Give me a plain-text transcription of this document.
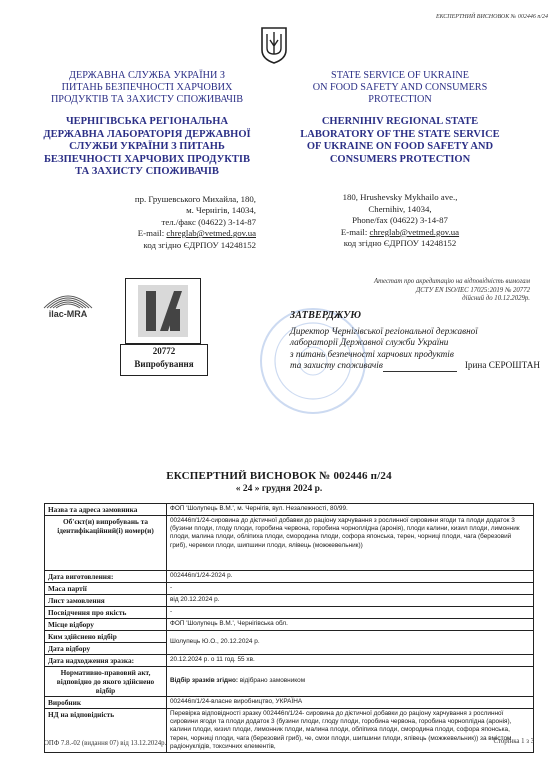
ЕКСПЕРТНИЙ ВИСНОВОК № 002446 п/24
ДЕРЖАВНА СЛУЖБА УКРАЇНИ З
ПИТАНЬ БЕЗПЕЧНОСТІ ХАРЧОВИХ
ПРОДУКТІВ ТА ЗАХИСТУ СПОЖИВАЧІВ
ЧЕРНІГІВСЬКА РЕГІОНАЛЬНА
ДЕРЖАВНА ЛАБОРАТОРІЯ ДЕРЖАВНОЇ
СЛУЖБИ УКРАЇНИ З ПИТАНЬ
БЕЗПЕЧНОСТІ ХАРЧОВИХ ПРОДУКТІВ
ТА ЗАХИСТУ СПОЖИВАЧІВ
пр. Грушевського Михайла, 180,
м. Чернігів, 14034,
тел./факс (04622) 3-14-87
E-mail: chreglab@vetmed.gov.ua
код згідно ЄДРПОУ 14248152
STATE SERVICE OF UKRAINE
ON FOOD SAFETY AND CONSUMERS
PROTECTION
CHERNIHIV REGIONAL STATE
LABORATORY OF THE STATE SERVICE
OF UKRAINE ON FOOD SAFETY AND
CONSUMERS PROTECTION
180, Hrushevsky Mykhailo ave.,
Chernihiv, 14034,
Phone/fax (04622) 3-14-87
E-mail: chreglab@vetmed.gov.ua
код згідно ЄДРПОУ 14248152
Атестат про акредитацію на відповідність вимогам
ДСТУ EN ISO/IEC 17025:2019 № 20772
дійсний до 10.12.2029р.
ilac-MRA
20772
Випробування
ЗАТВЕРДЖУЮ
Директор Чернігівської регіональної державної
лабораторії Державної служби України
з питань безпечності харчових продуктів
та захисту споживачів	Ірина СЕРОШТАН
ЕКСПЕРТНИЙ ВИСНОВОК № 002446 п/24
« 24 » грудня 2024 р.
Назва та адреса замовника	ФОП 'Шолупець В.М.', м. Чернігів, вул. Незалежності, 80/99.
Об'єкт(и) випробувань та ідентифікаційний(і) номер(и)	002446п/1/24-сировина до дієтичної добавки до раціону харчування з рослинної сировини ягоди та плоди додаток 3 (бузини плоди, глоду плоди, горобина червона, горобина чорноплідна (аронія), плоди калини, кизил плоди, лимонник плоди, малина плоди, обліпиха плоди, смородина плоди, софора японська, терен, чорниці плоди, чага (березовий гриб), черемхи плоди, шипшини плоди, ялівець (можжевельник))
Дата виготовлення:	002446п/1/24-2024 р.
Маса партії	-
Лист замовлення	від 20.12.2024 р.
Посвідчення про якість	-
Місце відбору	ФОП 'Шолупець В.М.', Чернігівська обл.
Ким здійснено відбір	Шолупець Ю.О., 20.12.2024 р.
Дата відбору	
Дата надходження зразка:	20.12.2024 р. о 11 год. 55 хв.
Нормативно-правовий акт, відповідно до якого здійснено відбір	Відбір зразків згідно: відібрано замовником
Виробник	002446п/1/24-власне виробництво, УКРАЇНА
НД на відповідність	Перевірка відповідності зразку 002446п/1/24- сировина до дієтичної добавки до раціону харчування з рослинної сировини ягоди та плоди додаток 3 (бузини плоди, глоду плоди, горобина червона, горобина чорноплідна (аронія), калини плоди, кизил плоди, лимонник плоди, малина плоди, обліпиха плоди, смородина плоди, софора японська, терен, чорниці плоди, чага (березовий гриб), че, смхи плоди, шипшини плоди, ялівець (можжевельник)) за вмістом радіонуклідів, токсичних елементів,
ОПФ 7.8.-02 (видання 07) від 13.12.2024р.	Сторінка 1 з 3
